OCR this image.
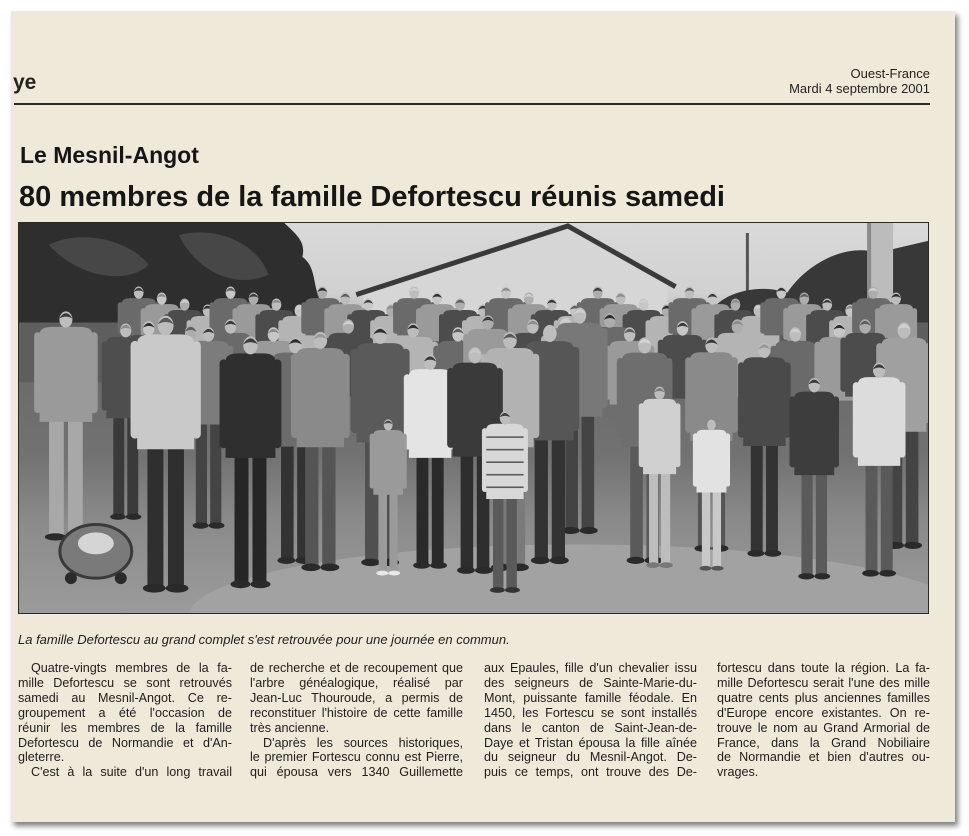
ye	Ouest-France
Mardi 4 septembre 2001
Le Mesnil-Angot
80 membres de la famille Defortescu réunis samedi

La famille Defortescu au grand complet s'est retrouvée pour une journée en commun.

Quatre-vingts membres de la fa-
mille Defortescu se sont retrouvés
samedi au Mesnil-Angot. Ce re-
groupement a été l'occasion de
réunir les membres de la famille
Defortescu de Normandie et d'An-
gleterre.
C'est à la suite d'un long travail
de recherche et de recoupement que
l'arbre généalogique, réalisé par
Jean-Luc Thouroude, a permis de
reconstituer l'histoire de cette famille
très ancienne.
D'après les sources historiques,
le premier Fortescu connu est Pierre,
qui épousa vers 1340 Guillemette
aux Epaules, fille d'un chevalier issu
des seigneurs de Sainte-Marie-du-
Mont, puissante famille féodale. En
1450, les Fortescu se sont installés
dans le canton de Saint-Jean-de-
Daye et Tristan épousa la fille aînée
du seigneur du Mesnil-Angot. De-
puis ce temps, ont trouve des De-
fortescu dans toute la région. La fa-
mille Defortescu serait l'une des mille
quatre cents plus anciennes familles
d'Europe encore existantes. On re-
trouve le nom au Grand Armorial de
France, dans la Grand Nobiliaire
de Normandie et bien d'autres ou-
vrages.
